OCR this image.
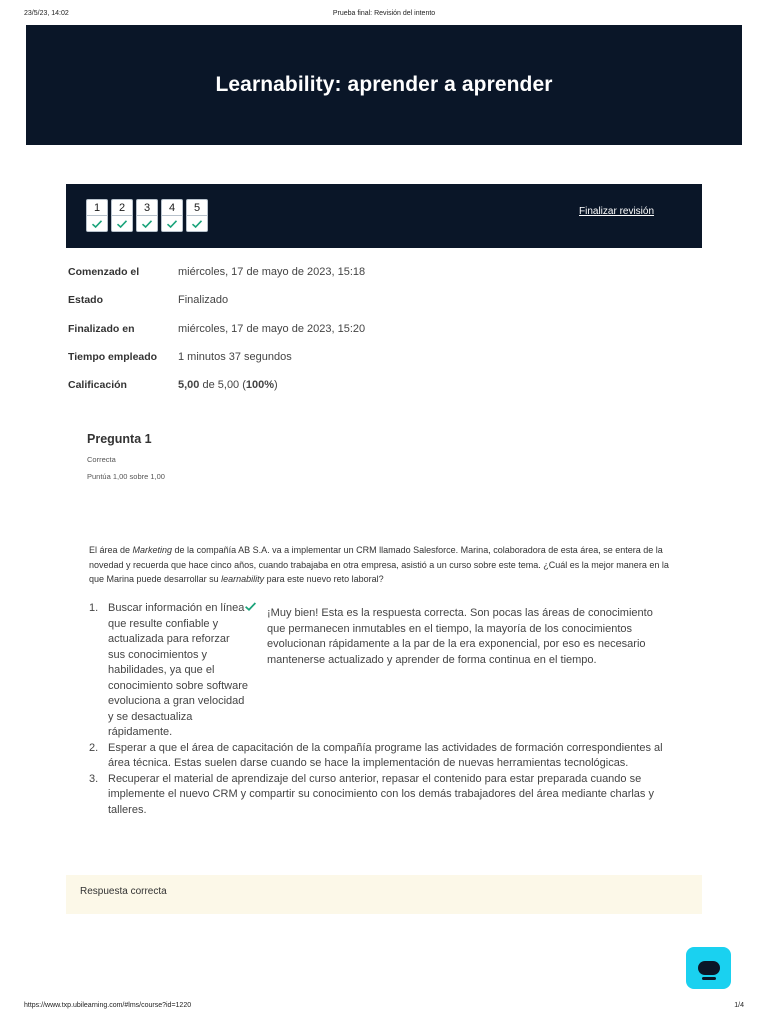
23/5/23, 14:02	Prueba final: Revisión del intento
Learnability: aprender a aprender
1	2	3	4	5	Finalizar revisión
Comenzado el	miércoles, 17 de mayo de 2023, 15:18
Estado	Finalizado
Finalizado en	miércoles, 17 de mayo de 2023, 15:20
Tiempo empleado 1 minutos 37 segundos
Calificación	5,00 de 5,00 (100%)
Pregunta 1
Correcta
Puntúa 1,00 sobre 1,00
El área de Marketing de la compañía AB S.A. va a implementar un CRM llamado Salesforce. Marina, colaboradora de esta área, se entera de la novedad y recuerda que hace cinco años, cuando trabajaba en otra empresa, asistió a un curso sobre este tema. ¿Cuál es la mejor manera en la que Marina puede desarrollar su learnability para este nuevo reto laboral?
1. Buscar información en línea que resulte confiable y actualizada para reforzar sus conocimientos y habilidades, ya que el conocimiento sobre software evoluciona a gran velocidad y se desactualiza rápidamente.
2. Esperar a que el área de capacitación de la compañía programe las actividades de formación correspondientes al área técnica. Estas suelen darse cuando se hace la implementación de nuevas herramientas tecnológicas.
3. Recuperar el material de aprendizaje del curso anterior, repasar el contenido para estar preparada cuando se implemente el nuevo CRM y compartir su conocimiento con los demás trabajadores del área mediante charlas y talleres.
¡Muy bien! Esta es la respuesta correcta. Son pocas las áreas de conocimiento que permanecen inmutables en el tiempo, la mayoría de los conocimientos evolucionan rápidamente a la par de la era exponencial, por eso es necesario mantenerse actualizado y aprender de forma continua en el tiempo.
Respuesta correcta
https://www.txp.ubilearning.com/#lms/course?id=1220	1/4
